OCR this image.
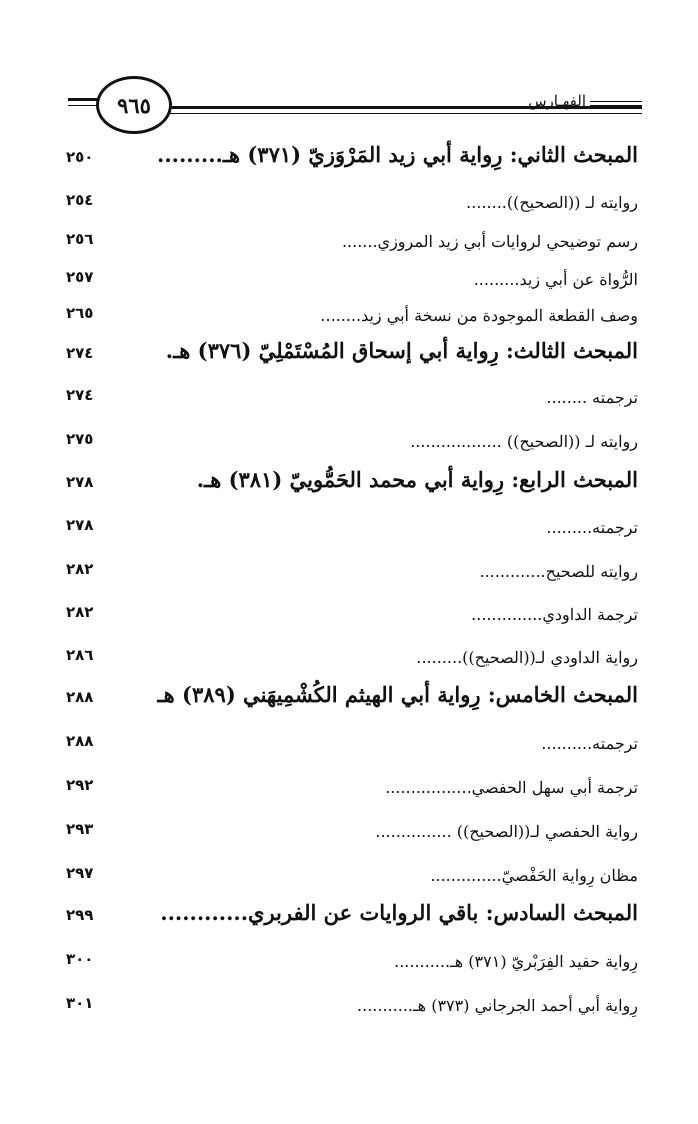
٩٦٥	الفهـارس
٢٥٠	المبحث الثاني: رِواية أبي زيد المَرْوَزيّ (٣٧١) هـ.........
٢٥٤	روايته لـ ((الصحيح))........
٢٥٦	رسم توضيحي لروايات أبي زيد المروزي.......
٢٥٧	الرُّواة عن أبي زيد.........
٢٦٥	وصف القطعة الموجودة من نسخة أبي زيد........
٢٧٤	المبحث الثالث: رِواية أبي إسحاق المُسْتَمْلِيّ (٣٧٦) هـ.
٢٧٤	ترجمته ........
٢٧٥	روايته لـ ((الصحيح)) ..................
٢٧٨	المبحث الرابع: رِواية أبي محمد الحَمُّوييّ (٣٨١) هـ.
٢٧٨	ترجمته.........
٢٨٢	روايته للصحيح.............
٢٨٢	ترجمة الداودي..............
٢٨٦	رواية الداودي لـ((الصحيح)).........
٢٨٨	المبحث الخامس: رِواية أبي الهيثم الكُشْمِيهَني (٣٨٩) هـ
٢٨٨	ترجمته..........
٢٩٢	ترجمة أبي سهل الحفصي.................
٢٩٣	رواية الحفصي لـ((الصحيح)) ...............
٢٩٧	مظان رِواية الحَفْصيّ..............
٢٩٩	المبحث السادس: باقي الروايات عن الفربري............
٣٠٠	رِواية حفيد الفِرَبْريّ (٣٧١) هـ...........
٣٠١	رِواية أبي أحمد الجرجاني (٣٧٣) هـ...........
